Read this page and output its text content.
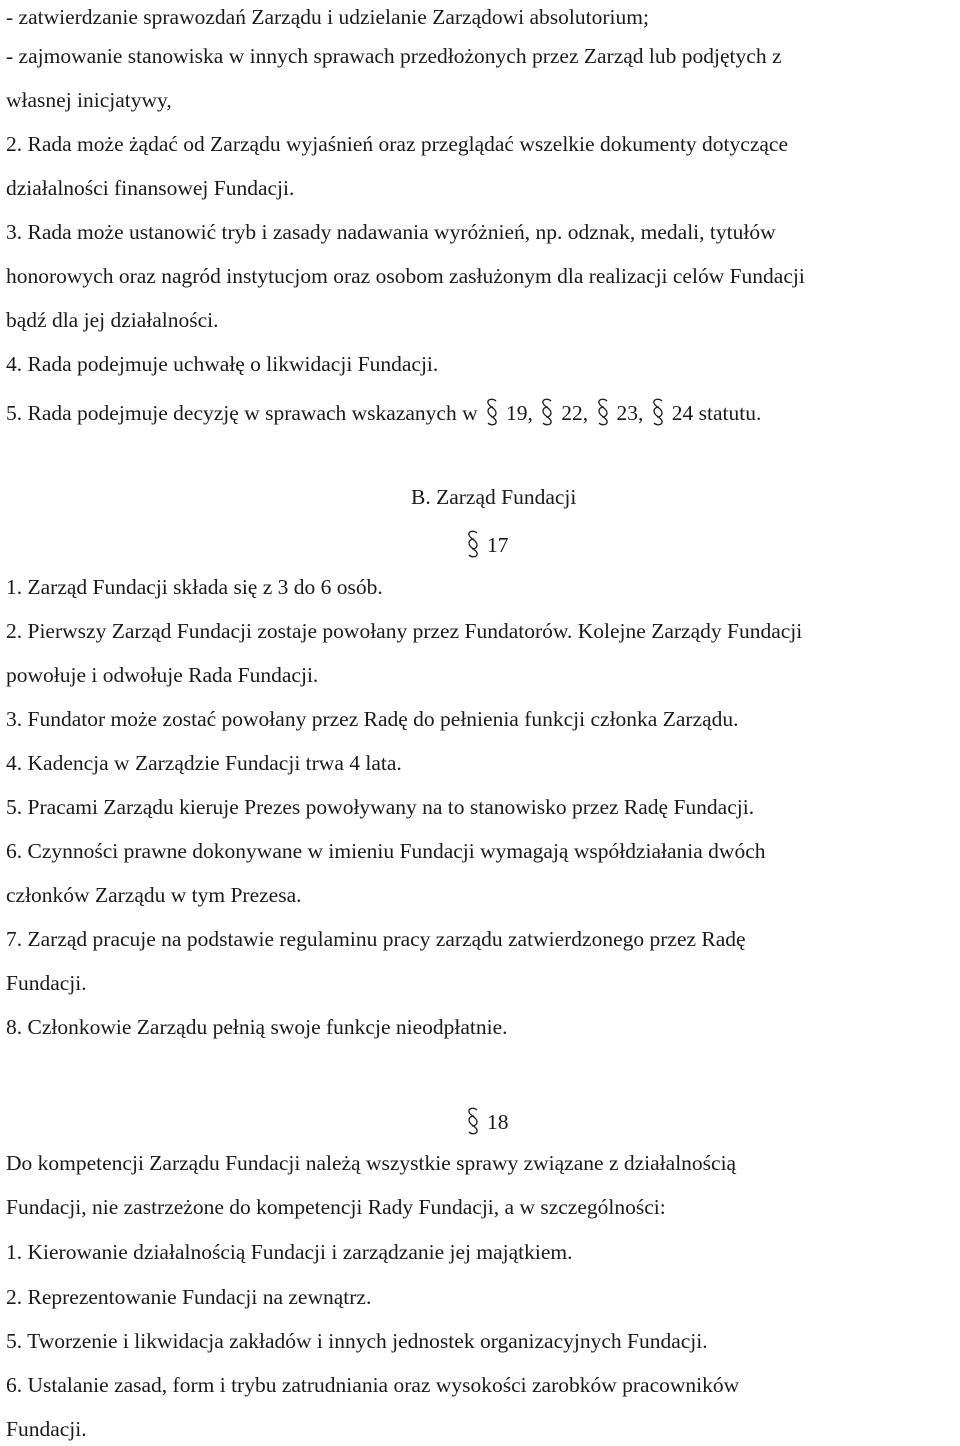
- zatwierdzanie sprawozdań Zarządu i udzielanie Zarządowi absolutorium;
- zajmowanie stanowiska w innych sprawach przedłożonych przez Zarząd lub podjętych z
własnej inicjatywy,
2. Rada może żądać od Zarządu wyjaśnień oraz przeglądać wszelkie dokumenty dotyczące
działalności finansowej Fundacji.
3. Rada może ustanowić tryb i zasady nadawania wyróżnień, np. odznak, medali, tytułów
honorowych oraz nagród instytucjom oraz osobom zasłużonym dla realizacji celów Fundacji
bądź dla jej działalności.
4. Rada podejmuje uchwałę o likwidacji Fundacji.
5. Rada podejmuje decyzję w sprawach wskazanych w 19, 22, 23, 24 statutu.
B. Zarząd Fundacji
17
1. Zarząd Fundacji składa się z 3 do 6 osób.
2. Pierwszy Zarząd Fundacji zostaje powołany przez Fundatorów. Kolejne Zarządy Fundacji
powołuje i odwołuje Rada Fundacji.
3. Fundator może zostać powołany przez Radę do pełnienia funkcji członka Zarządu.
4. Kadencja w Zarządzie Fundacji trwa 4 lata.
5. Pracami Zarządu kieruje Prezes powoływany na to stanowisko przez Radę Fundacji.
6. Czynności prawne dokonywane w imieniu Fundacji wymagają współdziałania dwóch
członków Zarządu w tym Prezesa.
7. Zarząd pracuje na podstawie regulaminu pracy zarządu zatwierdzonego przez Radę
Fundacji.
8. Członkowie Zarządu pełnią swoje funkcje nieodpłatnie.
18
Do kompetencji Zarządu Fundacji należą wszystkie sprawy związane z działalnością
Fundacji, nie zastrzeżone do kompetencji Rady Fundacji, a w szczególności:
1. Kierowanie działalnością Fundacji i zarządzanie jej majątkiem.
2. Reprezentowanie Fundacji na zewnątrz.
5. Tworzenie i likwidacja zakładów i innych jednostek organizacyjnych Fundacji.
6. Ustalanie zasad, form i trybu zatrudniania oraz wysokości zarobków pracowników
Fundacji.
